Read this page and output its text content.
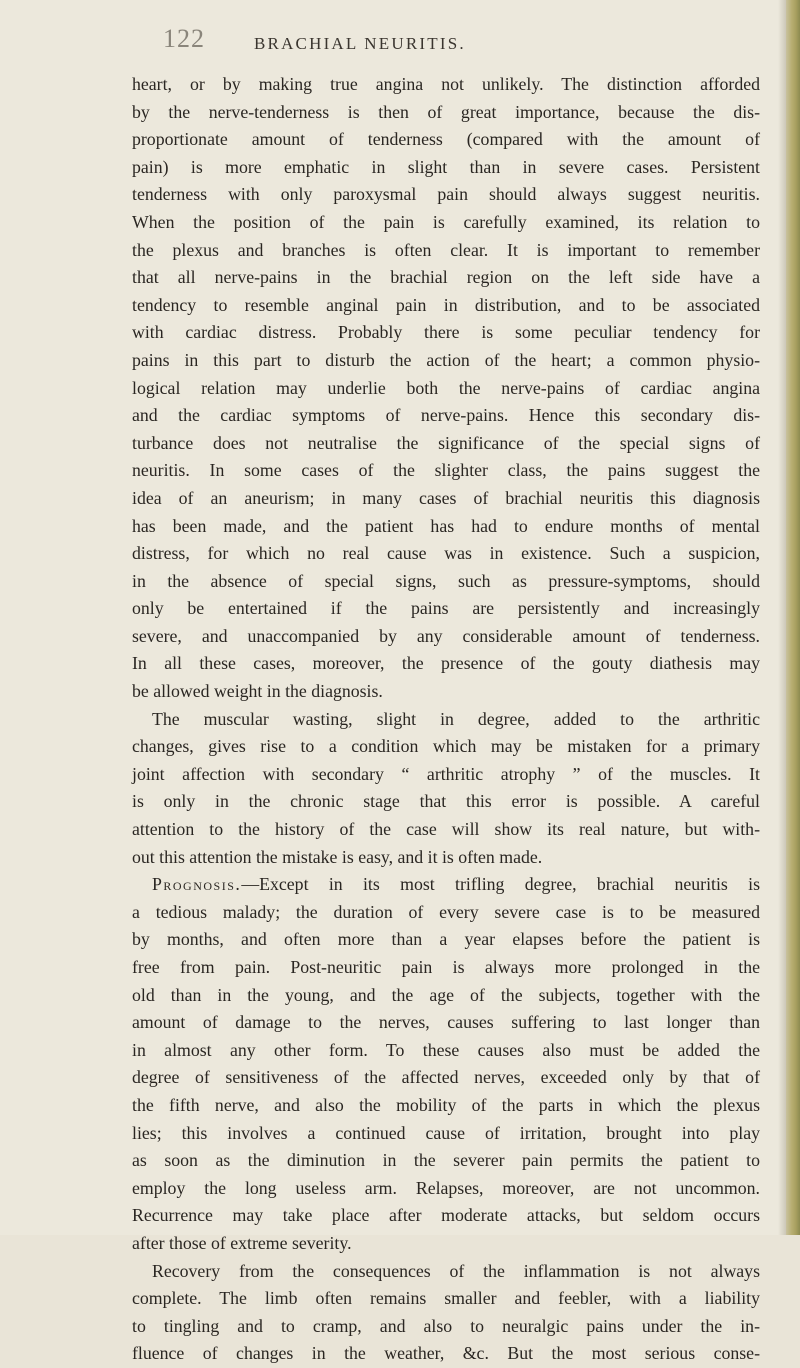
122	BRACHIAL NEURITIS.
heart, or by making true angina not unlikely. The distinction afforded
by the nerve-tenderness is then of great importance, because the dis-
proportionate amount of tenderness (compared with the amount of
pain) is more emphatic in slight than in severe cases. Persistent
tenderness with only paroxysmal pain should always suggest neuritis.
When the position of the pain is carefully examined, its relation to
the plexus and branches is often clear. It is important to remember
that all nerve-pains in the brachial region on the left side have a
tendency to resemble anginal pain in distribution, and to be associated
with cardiac distress. Probably there is some peculiar tendency for
pains in this part to disturb the action of the heart; a common physio-
logical relation may underlie both the nerve-pains of cardiac angina
and the cardiac symptoms of nerve-pains. Hence this secondary dis-
turbance does not neutralise the significance of the special signs of
neuritis. In some cases of the slighter class, the pains suggest the
idea of an aneurism; in many cases of brachial neuritis this diagnosis
has been made, and the patient has had to endure months of mental
distress, for which no real cause was in existence. Such a suspicion,
in the absence of special signs, such as pressure-symptoms, should
only be entertained if the pains are persistently and increasingly
severe, and unaccompanied by any considerable amount of tenderness.
In all these cases, moreover, the presence of the gouty diathesis may
be allowed weight in the diagnosis.
The muscular wasting, slight in degree, added to the arthritic
changes, gives rise to a condition which may be mistaken for a primary
joint affection with secondary “ arthritic atrophy ” of the muscles. It
is only in the chronic stage that this error is possible. A careful
attention to the history of the case will show its real nature, but with-
out this attention the mistake is easy, and it is often made.
Prognosis.—Except in its most trifling degree, brachial neuritis is
a tedious malady; the duration of every severe case is to be measured
by months, and often more than a year elapses before the patient is
free from pain. Post-neuritic pain is always more prolonged in the
old than in the young, and the age of the subjects, together with the
amount of damage to the nerves, causes suffering to last longer than
in almost any other form. To these causes also must be added the
degree of sensitiveness of the affected nerves, exceeded only by that of
the fifth nerve, and also the mobility of the parts in which the plexus
lies; this involves a continued cause of irritation, brought into play
as soon as the diminution in the severer pain permits the patient to
employ the long useless arm. Relapses, moreover, are not uncommon.
Recurrence may take place after moderate attacks, but seldom occurs
after those of extreme severity.
Recovery from the consequences of the inflammation is not always
complete. The limb often remains smaller and feebler, with a liability
to tingling and to cramp, and also to neuralgic pains under the in-
fluence of changes in the weather, &c. But the most serious conse-
